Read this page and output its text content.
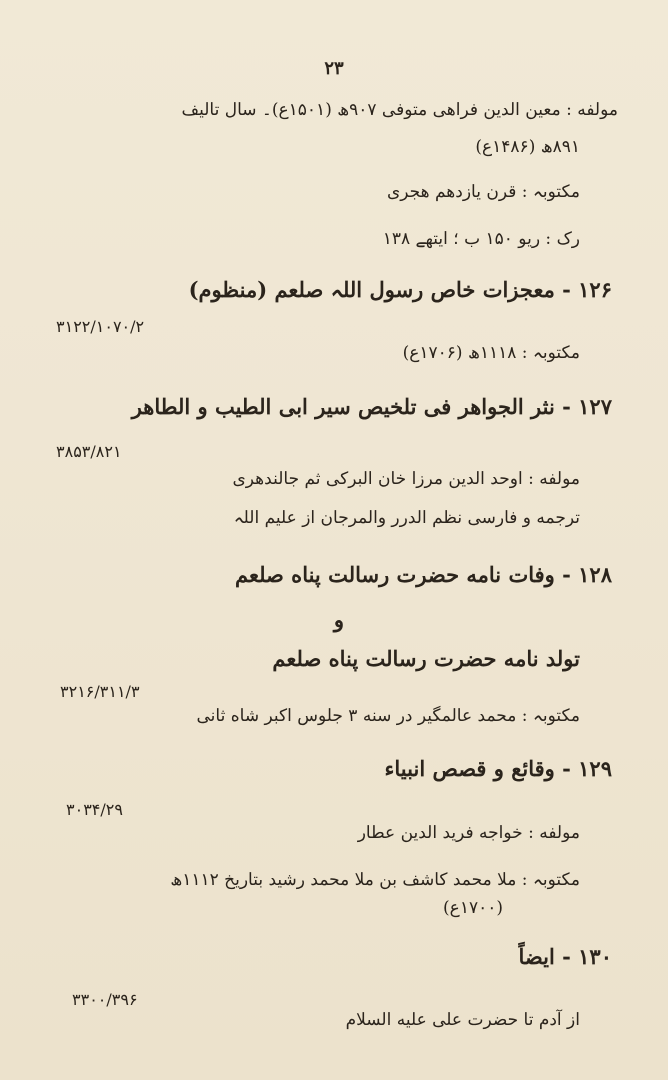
۲۳
مولفه : معین الدین فراهی متوفی ۹۰۷ھ (۱۵۰۱ع)۔ سال تالیف
۸۹۱ھ (۱۴۸۶ع)
مکتوبہ : قرن یازدهم هجری
رک : ریو ۱۵۰ ب ؛ ایتھے ۱۳۸
۱۲۶ - معجزات خاص رسول اللہ صلعم (منظوم)
۳۱۲۲/۱۰۷۰/۲
مکتوبہ : ۱۱۱۸ھ (۱۷۰۶ع)
۱۲۷ - نثر الجواهر فی تلخیص سیر ابی الطیب و الطاهر
۳۸۵۳/۸۲۱
مولفه : اوحد الدین مرزا خان البرکی ثم جالندھری
ترجمه و فارسی نظم الدرر والمرجان از علیم اللہ
۱۲۸ - وفات نامه حضرت رسالت پناه صلعم
و
تولد نامه حضرت رسالت پناه صلعم
۳۲۱۶/۳۱۱/۳
مکتوبہ : محمد عالمگیر در سنه ۳ جلوس اکبر شاه ثانی
۱۲۹ - وقائع و قصص انبیاء
۳۰۳۴/۲۹
مولفه : خواجه فرید الدین عطار
مکتوبہ : ملا محمد کاشف بن ملا محمد رشید بتاریخ ۱۱۱۲ھ
(۱۷۰۰ع)
۱۳۰ - ایضاً
۳۳۰۰/۳۹۶
از آدم تا حضرت علی علیه السلام
